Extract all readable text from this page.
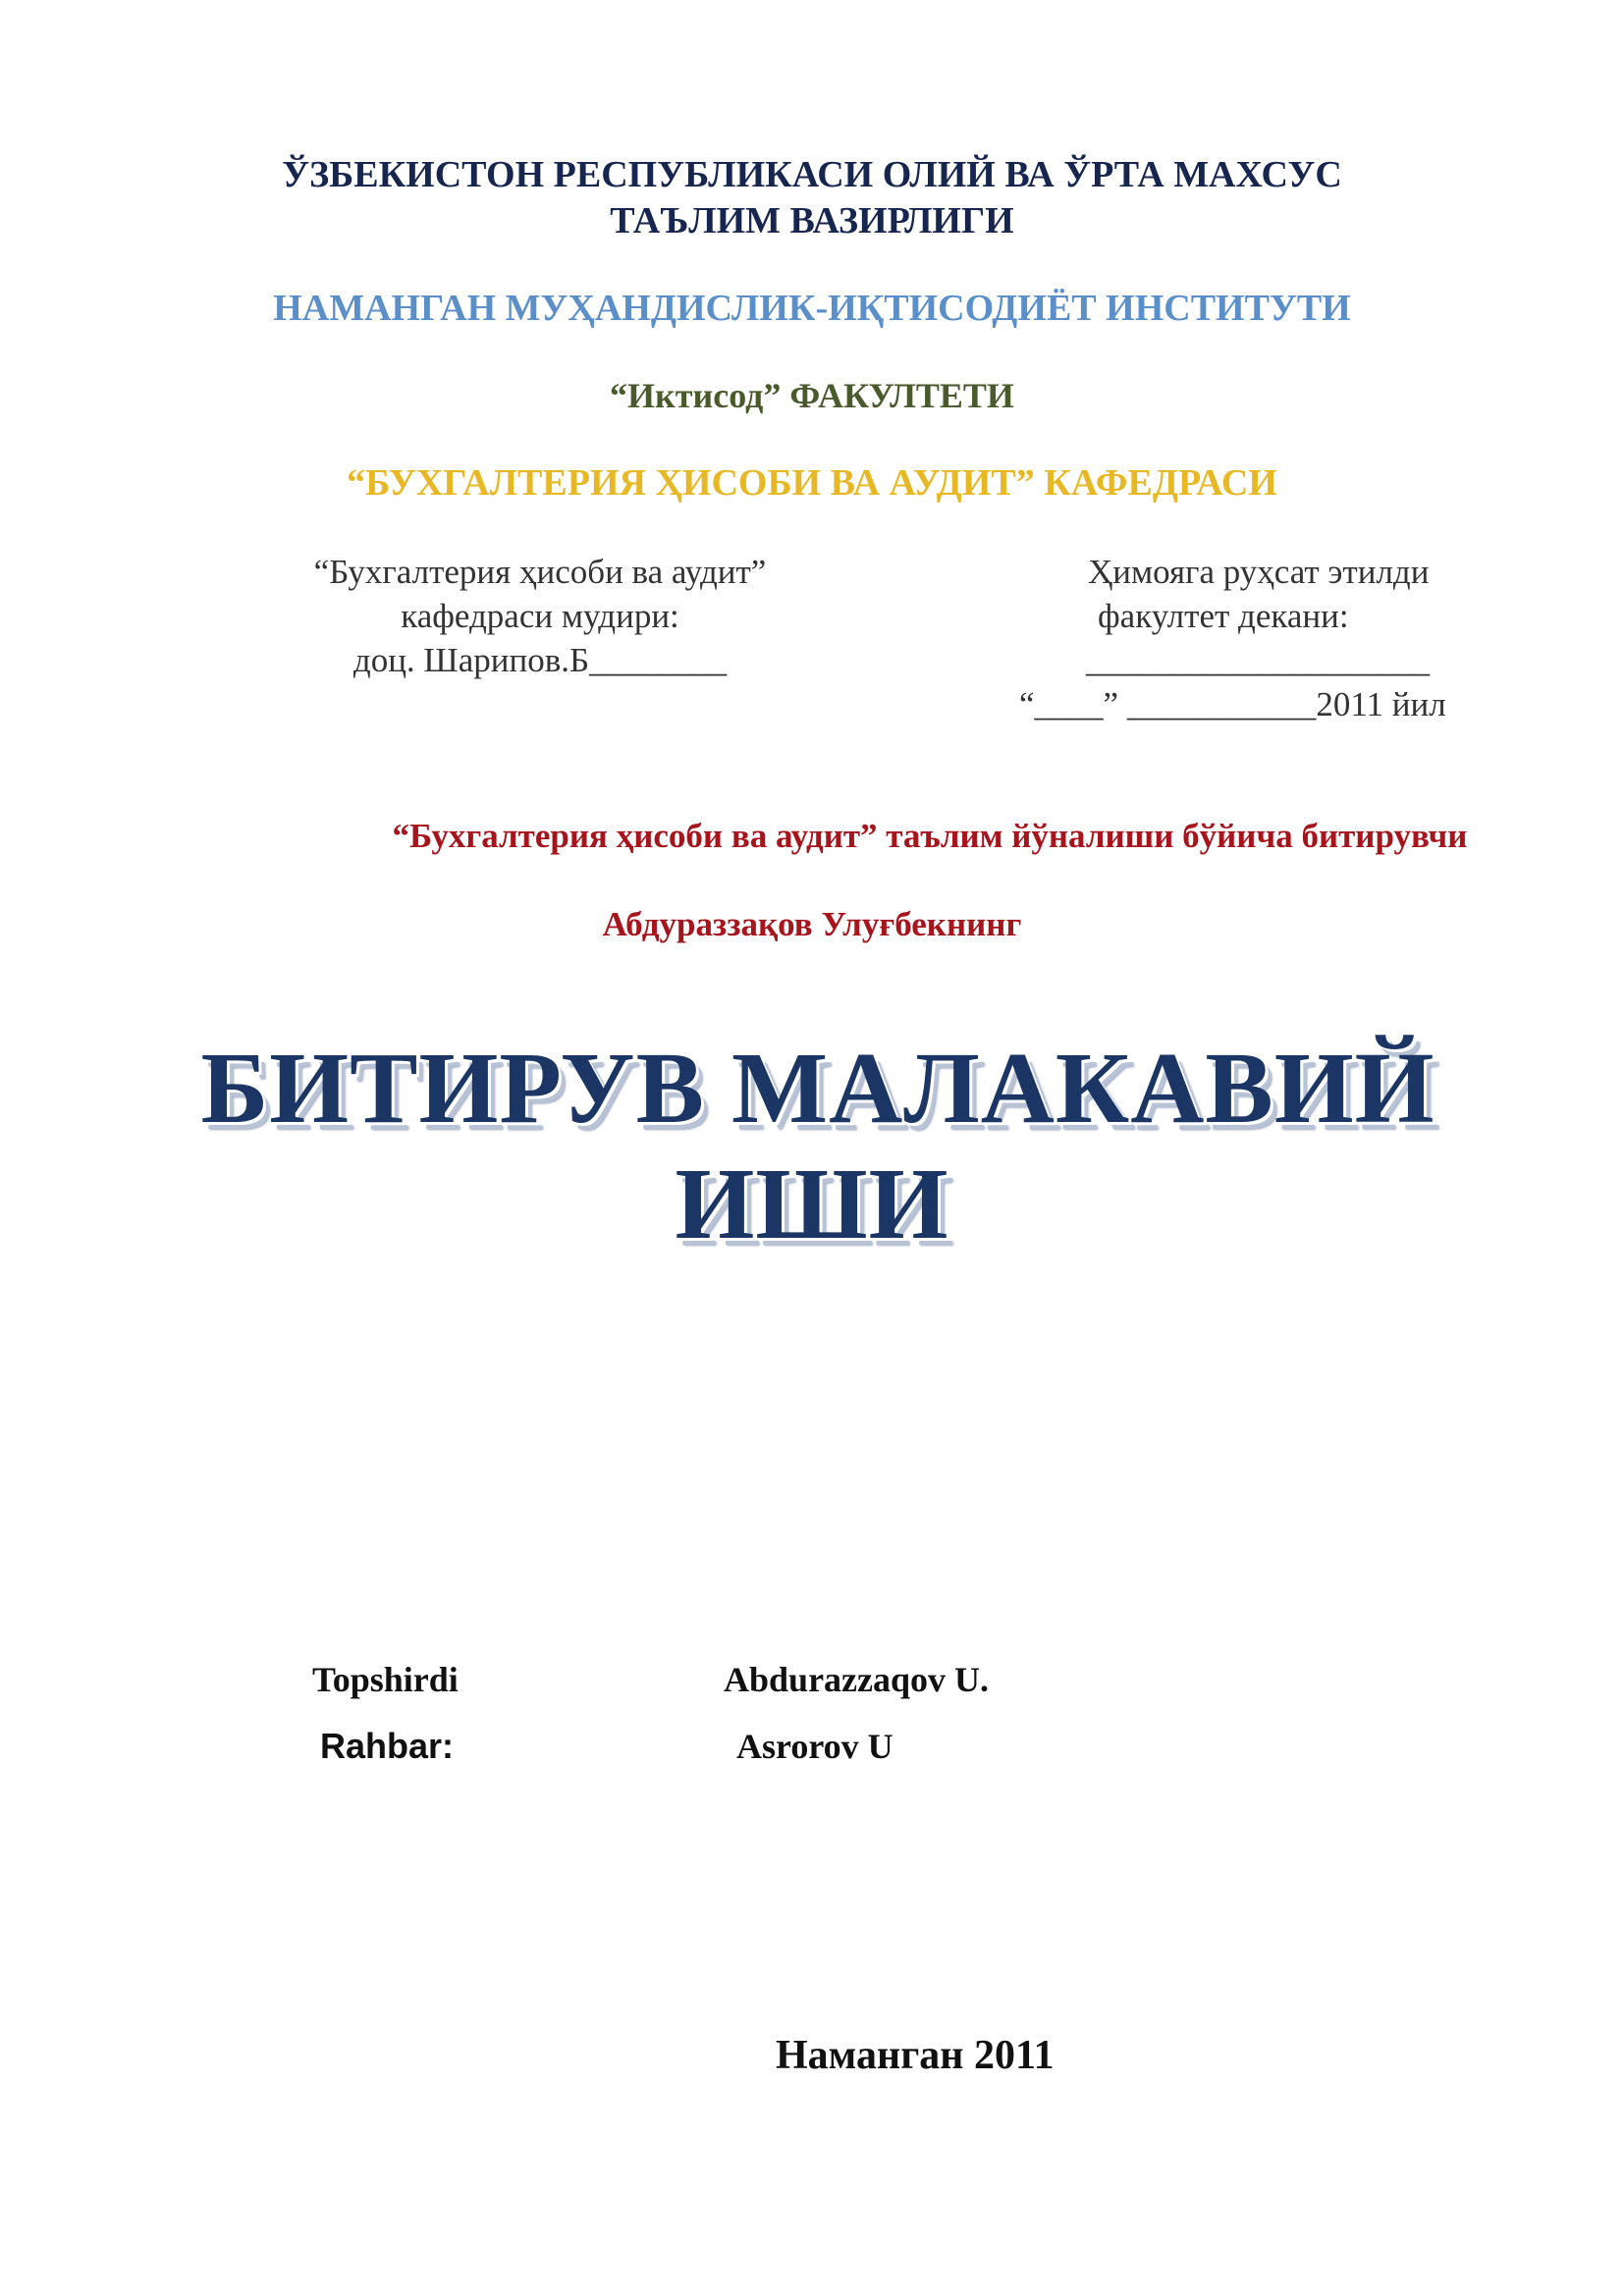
ЎЗБЕКИСТОН РЕСПУБЛИКАСИ ОЛИЙ ВА ЎРТА МАХСУС
ТАЪЛИМ ВАЗИРЛИГИ
НАМАНГАН МУҲАНДИСЛИК-ИҚТИСОДИЁТ ИНСТИТУТИ
“Иктисод” ФАКУЛТЕТИ
“БУХГАЛТЕРИЯ ҲИСОБИ ВА АУДИТ” КАФЕДРАСИ
“Бухгалтерия ҳисоби ва аудит”
кафедраси мудири:
доц. Шарипов.Б________
Ҳимояга руҳсат этилди
факултет декани:
____________________
“____” ___________2011 йил
“Бухгалтерия ҳисоби ва аудит” таълим йўналиши бўйича битирувчи
Абдураззақов Улуғбекнинг
БИТИРУВ МАЛАКАВИЙ
ИШИ
Topshirdi	Abdurazzaqov U.
Rahbar:	Asrorov U
Наманган 2011
